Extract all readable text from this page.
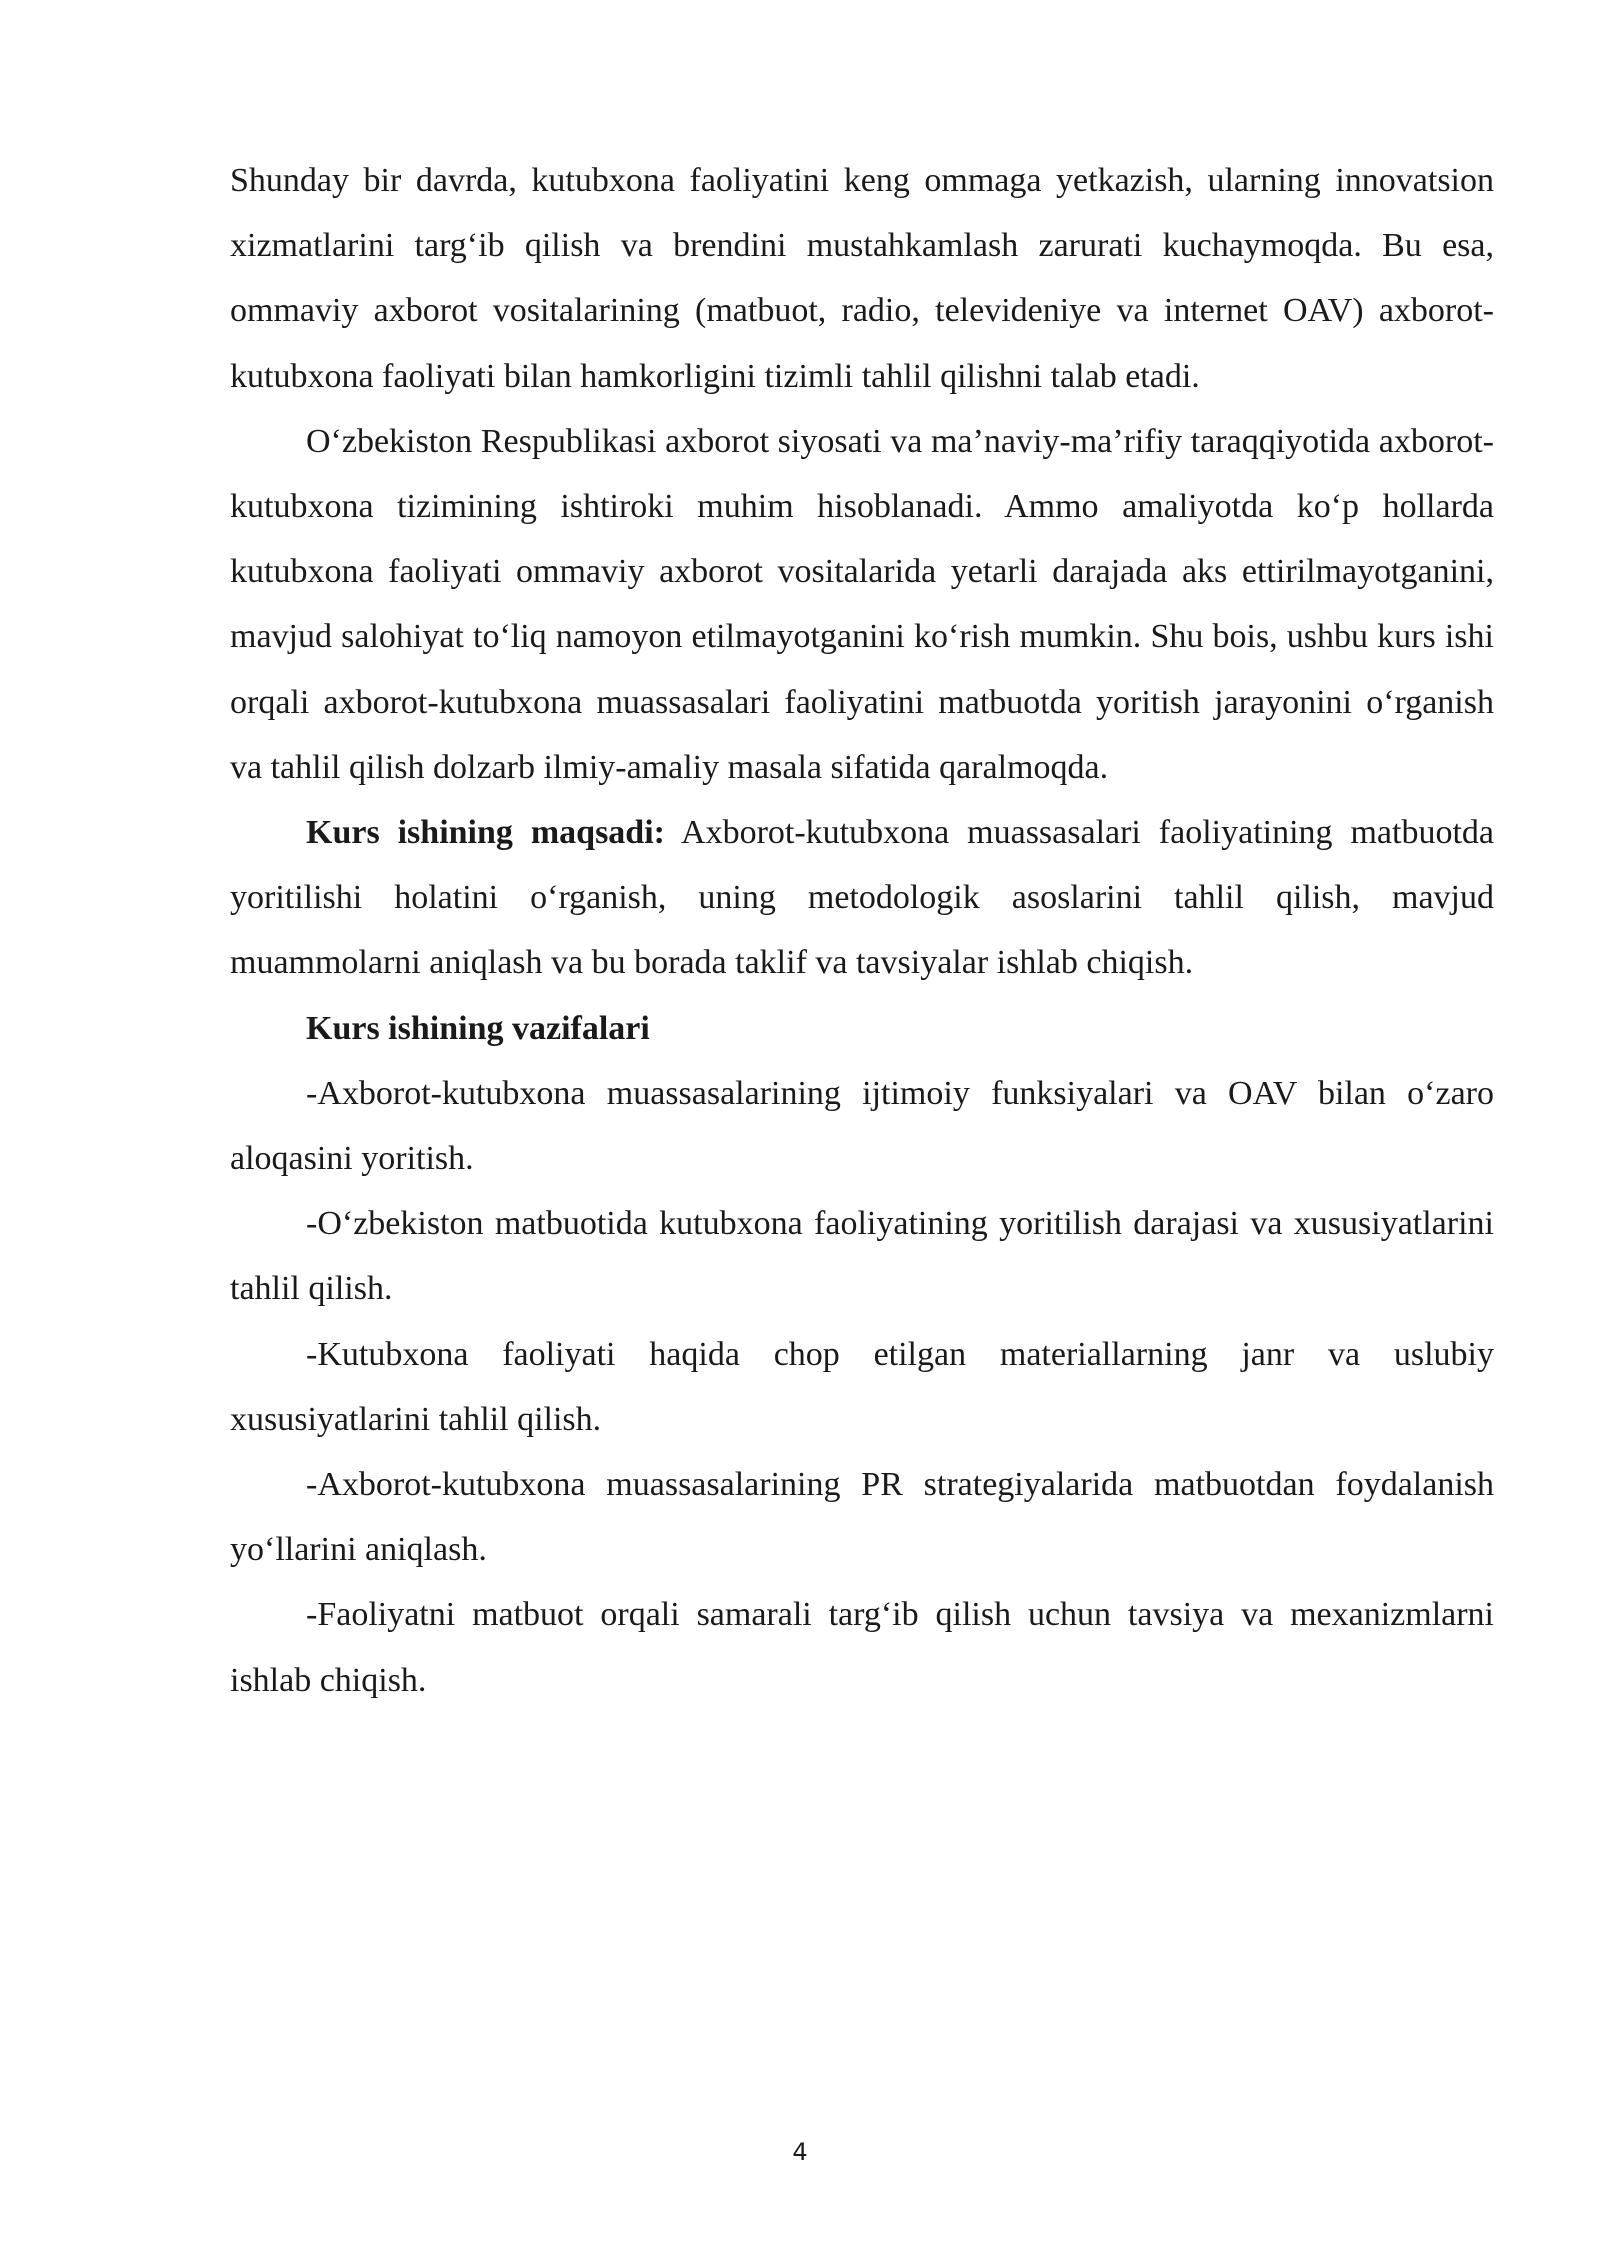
Shunday bir davrda, kutubxona faoliyatini keng ommaga yetkazish, ularning innovatsion xizmatlarini targ‘ib qilish va brendini mustahkamlash zarurati kuchaymoqda. Bu esa, ommaviy axborot vositalarining (matbuot, radio, televideniye va internet OAV) axborot-kutubxona faoliyati bilan hamkorligini tizimli tahlil qilishni talab etadi.

O‘zbekiston Respublikasi axborot siyosati va ma’naviy-ma’rifiy taraqqiyotida axborot-kutubxona tizimining ishtiroki muhim hisoblanadi. Ammo amaliyotda ko‘p hollarda kutubxona faoliyati ommaviy axborot vositalarida yetarli darajada aks ettirilmayotganini, mavjud salohiyat to‘liq namoyon etilmayotganini ko‘rish mumkin. Shu bois, ushbu kurs ishi orqali axborot-kutubxona muassasalari faoliyatini matbuotda yoritish jarayonini o‘rganish va tahlil qilish dolzarb ilmiy-amaliy masala sifatida qaralmoqda.

Kurs ishining maqsadi: Axborot-kutubxona muassasalari faoliyatining matbuotda yoritilishi holatini o‘rganish, uning metodologik asoslarini tahlil qilish, mavjud muammolarni aniqlash va bu borada taklif va tavsiyalar ishlab chiqish.

Kurs ishining vazifalari

-Axborot-kutubxona muassasalarining ijtimoiy funksiyalari va OAV bilan o‘zaro aloqasini yoritish.

-O‘zbekiston matbuotida kutubxona faoliyatining yoritilish darajasi va xususiyatlarini tahlil qilish.

-Kutubxona faoliyati haqida chop etilgan materiallarning janr va uslubiy xususiyatlarini tahlil qilish.

-Axborot-kutubxona muassasalarining PR strategiyalarida matbuotdan foydalanish yo‘llarini aniqlash.

-Faoliyatni matbuot orqali samarali targ‘ib qilish uchun tavsiya va mexanizmlarni ishlab chiqish.

4
